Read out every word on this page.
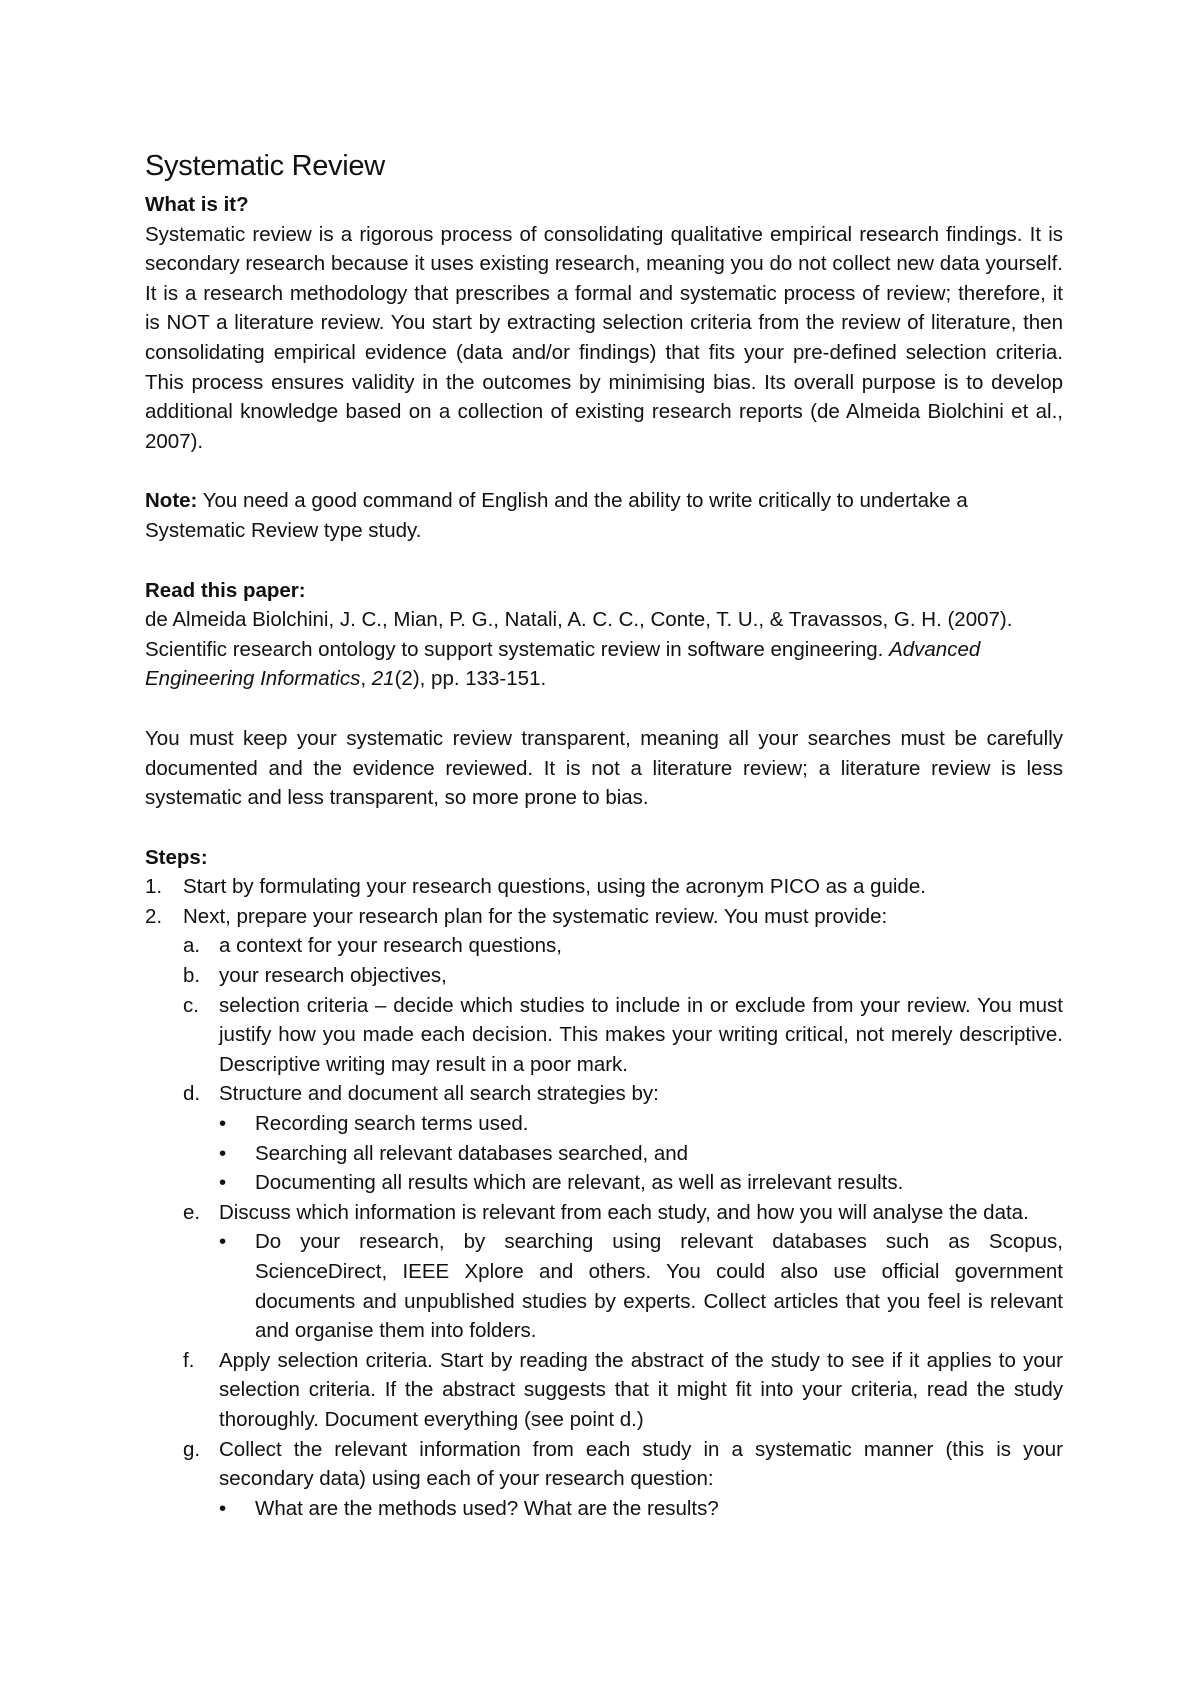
Systematic Review

What is it?

Systematic review is a rigorous process of consolidating qualitative empirical research findings. It is secondary research because it uses existing research, meaning you do not collect new data yourself. It is a research methodology that prescribes a formal and systematic process of review; therefore, it is NOT a literature review. You start by extracting selection criteria from the review of literature, then consolidating empirical evidence (data and/or findings) that fits your pre-defined selection criteria. This process ensures validity in the outcomes by minimising bias. Its overall purpose is to develop additional knowledge based on a collection of existing research reports (de Almeida Biolchini et al., 2007).

Note: You need a good command of English and the ability to write critically to undertake a Systematic Review type study.

Read this paper:

de Almeida Biolchini, J. C., Mian, P. G., Natali, A. C. C., Conte, T. U., & Travassos, G. H. (2007). Scientific research ontology to support systematic review in software engineering. Advanced Engineering Informatics, 21(2), pp. 133-151.

You must keep your systematic review transparent, meaning all your searches must be carefully documented and the evidence reviewed. It is not a literature review; a literature review is less systematic and less transparent, so more prone to bias.

Steps:

1.	Start by formulating your research questions, using the acronym PICO as a guide.
2.	Next, prepare your research plan for the systematic review. You must provide:
a. a context for your research questions,
b. your research objectives,
c. selection criteria – decide which studies to include in or exclude from your review. You must justify how you made each decision. This makes your writing critical, not merely descriptive. Descriptive writing may result in a poor mark.
d. Structure and document all search strategies by:
•	Recording search terms used.
•	Searching all relevant databases searched, and
•	Documenting all results which are relevant, as well as irrelevant results.
e. Discuss which information is relevant from each study, and how you will analyse the data.
•	Do your research, by searching using relevant databases such as Scopus, ScienceDirect, IEEE Xplore and others. You could also use official government documents and unpublished studies by experts. Collect articles that you feel is relevant and organise them into folders.
f.	Apply selection criteria. Start by reading the abstract of the study to see if it applies to your selection criteria. If the abstract suggests that it might fit into your criteria, read the study thoroughly. Document everything (see point d.)
g. Collect the relevant information from each study in a systematic manner (this is your secondary data) using each of your research question:
•	What are the methods used? What are the results?
